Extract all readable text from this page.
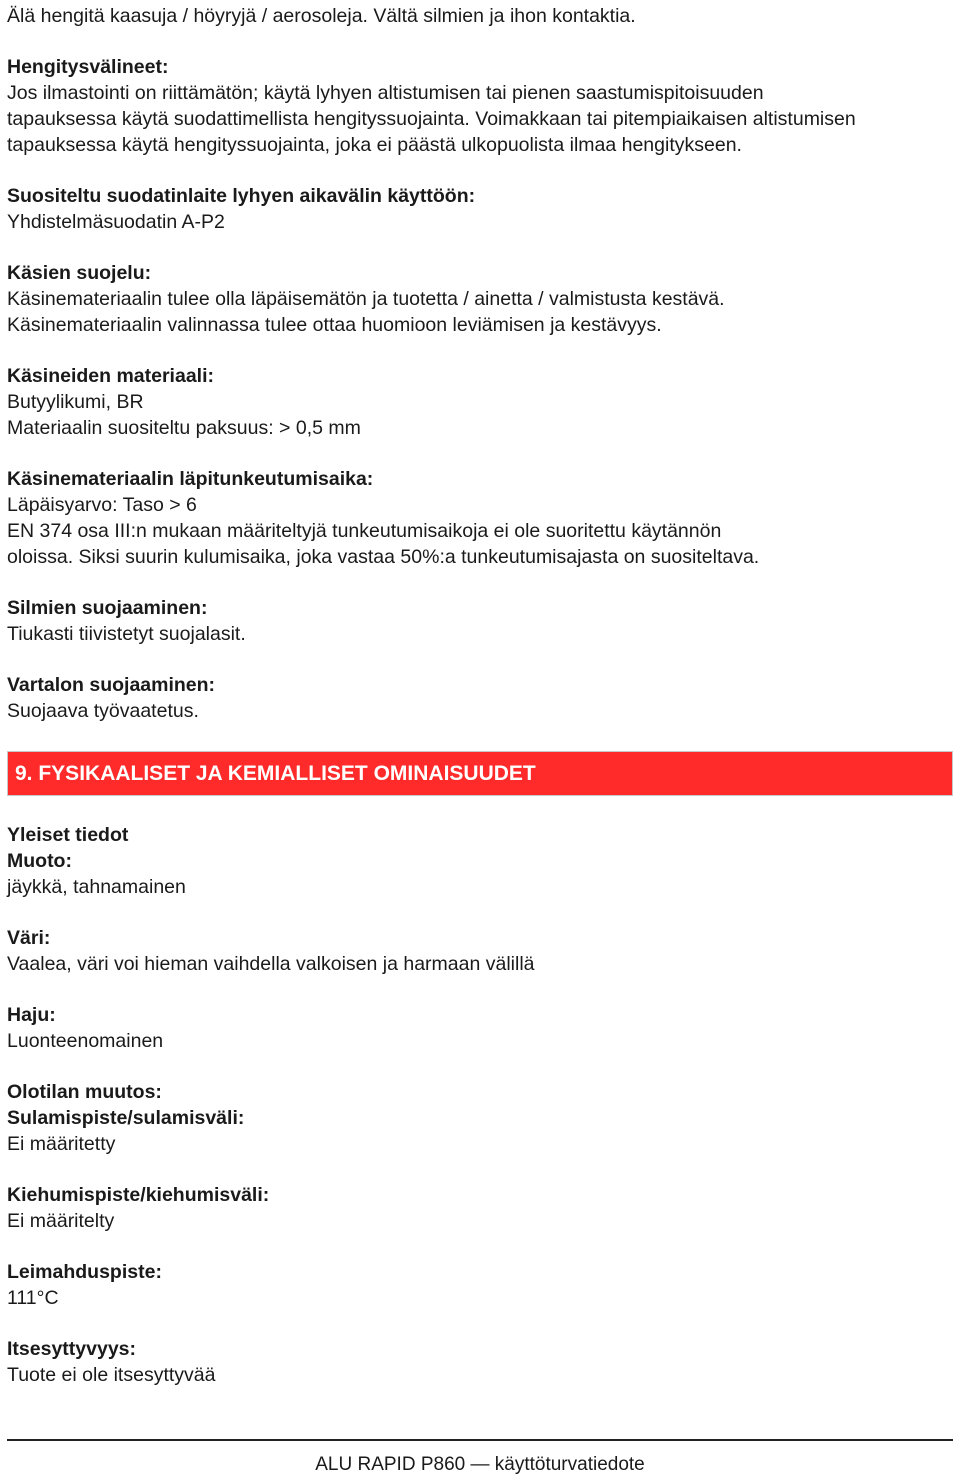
Älä hengitä kaasuja / höyryjä / aerosoleja. Vältä silmien ja ihon kontaktia.
Hengitysvälineet:
Jos ilmastointi on riittämätön; käytä lyhyen altistumisen tai pienen saastumispitoisuuden
tapauksessa käytä suodattimellista hengityssuojainta. Voimakkaan tai pitempiaikaisen altistumisen
tapauksessa käytä hengityssuojainta, joka ei päästä ulkopuolista ilmaa hengitykseen.
Suositeltu suodatinlaite lyhyen aikavälin käyttöön:
Yhdistelmäsuodatin A-P2
Käsien suojelu:
Käsinemateriaalin tulee olla läpäisemätön ja tuotetta / ainetta / valmistusta kestävä.
Käsinemateriaalin valinnassa tulee ottaa huomioon leviämisen ja kestävyys.
Käsineiden materiaali:
Butyylikumi, BR
Materiaalin suositeltu paksuus: > 0,5 mm
Käsinemateriaalin läpitunkeutumisaika:
Läpäisyarvo: Taso > 6
EN 374 osa III:n mukaan määriteltyjä tunkeutumisaikoja ei ole suoritettu käytännön
oloissa. Siksi suurin kulumisaika, joka vastaa 50%:a tunkeutumisajasta on suositeltava.
Silmien suojaaminen:
Tiukasti tiivistetyt suojalasit.
Vartalon suojaaminen:
Suojaava työvaatetus.
9. FYSIKAALISET JA KEMIALLISET OMINAISUUDET
Yleiset tiedot
Muoto:
jäykkä, tahnamainen
Väri:
Vaalea, väri voi hieman vaihdella valkoisen ja harmaan välillä
Haju:
Luonteenomainen
Olotilan muutos:
Sulamispiste/sulamisväli:
Ei määritetty
Kiehumispiste/kiehumisväli:
Ei määritelty
Leimahduspiste:
111°C
Itsesyttyvyys:
Tuote ei ole itsesyttyvää
ALU RAPID P860 — käyttöturvatiedote
